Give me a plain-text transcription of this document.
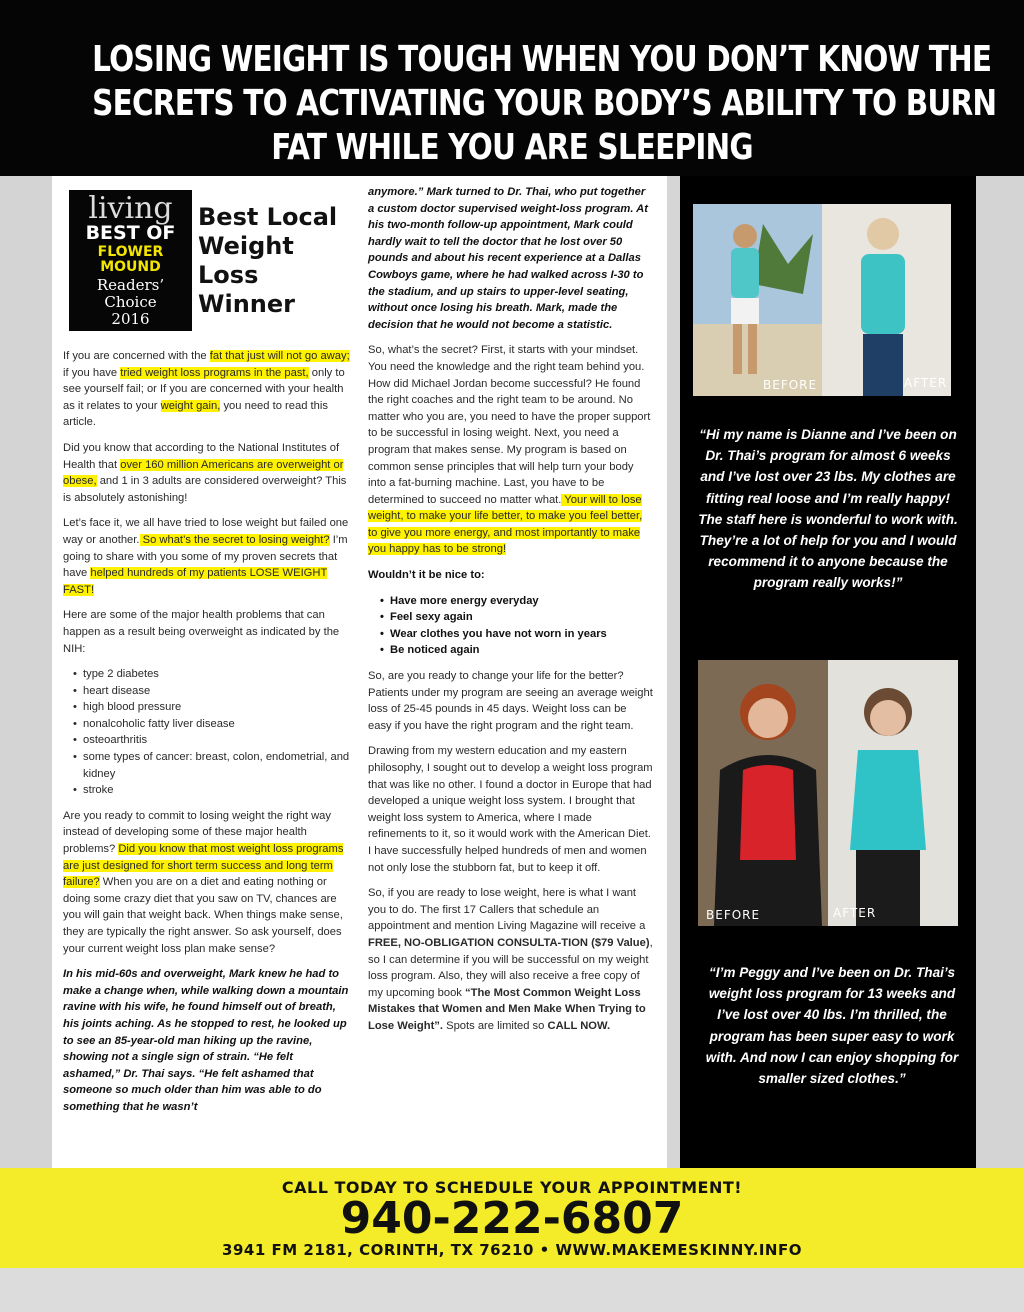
LOSING WEIGHT IS TOUGH WHEN YOU DON’T KNOW THE
SECRETS TO ACTIVATING YOUR BODY’S ABILITY TO BURN
FAT WHILE YOU ARE SLEEPING
living
BEST OF
FLOWER
MOUND
Readers’ Choice
2016
Best Local
Weight
Loss
Winner

If you are concerned with the fat that just will not go away; if you have tried weight loss programs in the past, only to see yourself fail; or If you are concerned with your health as it relates to your weight gain, you need to read this article.

Did you know that according to the National Institutes of Health that over 160 million Americans are overweight or obese, and 1 in 3 adults are considered overweight? This is absolutely astonishing!

Let’s face it, we all have tried to lose weight but failed one way or another. So what’s the secret to losing weight? I’m going to share with you some of my proven secrets that have helped hundreds of my patients LOSE WEIGHT FAST!

Here are some of the major health problems that can happen as a result being overweight as indicated by the NIH:

• type 2 diabetes
• heart disease
• high blood pressure
• nonalcoholic fatty liver disease
• osteoarthritis
• some types of cancer: breast, colon, endometrial, and kidney
• stroke

Are you ready to commit to losing weight the right way instead of developing some of these major health problems? Did you know that most weight loss programs are just designed for short term success and long term failure? When you are on a diet and eating nothing or doing some crazy diet that you saw on TV, chances are you will gain that weight back. When things make sense, they are typically the right answer. So ask yourself, does your current weight loss plan make sense?

In his mid-60s and overweight, Mark knew he had to make a change when, while walking down a mountain ravine with his wife, he found himself out of breath, his joints aching. As he stopped to rest, he looked up to see an 85-year-old man hiking up the ravine, showing not a single sign of strain. “He felt ashamed,” Dr. Thai says. “He felt ashamed that someone so much older than him was able to do something that he wasn’t

anymore.” Mark turned to Dr. Thai, who put together a custom doctor supervised weight-loss program. At his two-month follow-up appointment, Mark could hardly wait to tell the doctor that he lost over 50 pounds and about his recent experience at a Dallas Cowboys game, where he had walked across I-30 to the stadium, and up stairs to upper-level seating, without once losing his breath. Mark, made the decision that he would not become a statistic.

So, what’s the secret? First, it starts with your mindset. You need the knowledge and the right team behind you. How did Michael Jordan become successful? He found the right coaches and the right team to be around. No matter who you are, you need to have the proper support to be successful in losing weight. Next, you need a program that makes sense. My program is based on common sense principles that will help turn your body into a fat-burning machine. Last, you have to be determined to succeed no matter what. Your will to lose weight, to make your life better, to make you feel better, to give you more energy, and most importantly to make you happy has to be strong!

Wouldn’t it be nice to:

• Have more energy everyday
• Feel sexy again
• Wear clothes you have not worn in years
• Be noticed again

So, are you ready to change your life for the better? Patients under my program are seeing an average weight loss of 25-45 pounds in 45 days. Weight loss can be easy if you have the right program and the right team.

Drawing from my western education and my eastern philosophy, I sought out to develop a weight loss program that was like no other. I found a doctor in Europe that had developed a unique weight loss system. I brought that weight loss system to America, where I made refinements to it, so it would work with the American Diet. I have successfully helped hundreds of men and women not only lose the stubborn fat, but to keep it off.

So, if you are ready to lose weight, here is what I want you to do. The first 17 Callers that schedule an appointment and mention Living Magazine will receive a FREE, NO-OBLIGATION CONSULTA-TION ($79 Value), so I can determine if you will be successful on my weight loss program. Also, they will also receive a free copy of my upcoming book “The Most Common Weight Loss Mistakes that Women and Men Make When Trying to Lose Weight”. Spots are limited so CALL NOW.

BEFORE	AFTER
“Hi my name is Dianne and I’ve been on Dr. Thai’s program for almost 6 weeks and I’ve lost over 23 lbs. My clothes are fitting real loose and I’m really happy! The staff here is wonderful to work with. They’re a lot of help for you and I would recommend it to anyone because the program really works!”
BEFORE	AFTER
“I’m Peggy and I’ve been on Dr. Thai’s weight loss program for 13 weeks and I’ve lost over 40 lbs. I’m thrilled, the program has been super easy to work with. And now I can enjoy shopping for smaller sized clothes.”
CALL TODAY TO SCHEDULE YOUR APPOINTMENT!
940-222-6807
3941 FM 2181, CORINTH, TX 76210 • WWW.MAKEMESKINNY.INFO
